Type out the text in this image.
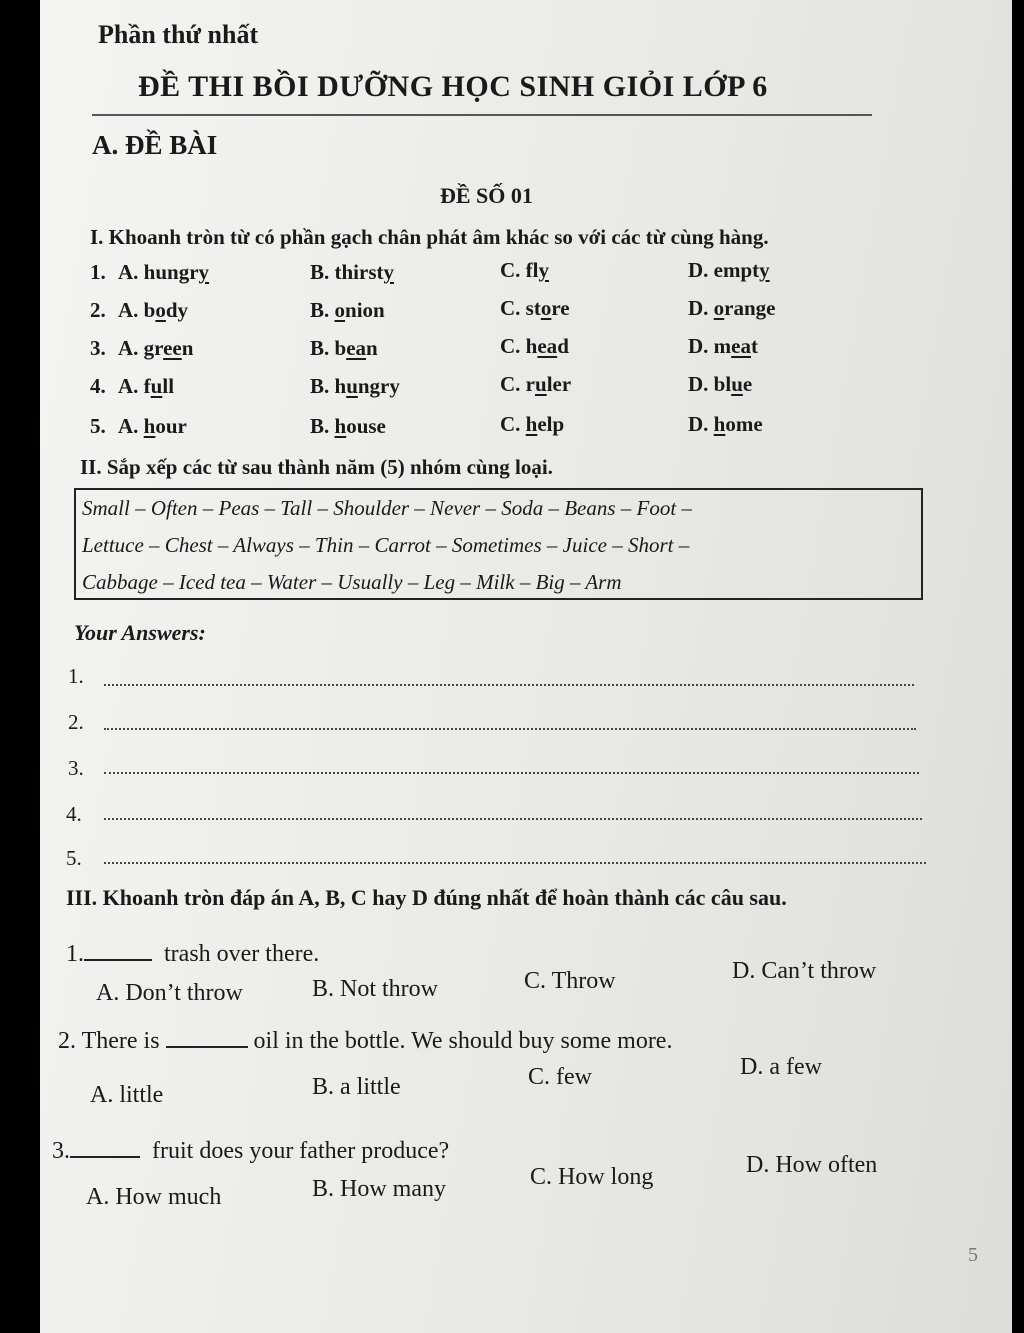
Phần thứ nhất
ĐỀ THI BỒI DƯỠNG HỌC SINH GIỎI LỚP 6
A. ĐỀ BÀI
ĐỀ SỐ 01
I. Khoanh tròn từ có phần gạch chân phát âm khác so với các từ cùng hàng.
1. A. hungry	B. thirsty	C. fly	D. empty
2. A. body	B. onion	C. store	D. orange
3. A. green	B. bean	C. head	D. meat
4. A. full	B. hungry	C. ruler	D. blue
5. A. hour	B. house	C. help	D. home
II. Sắp xếp các từ sau thành năm (5) nhóm cùng loại.
Small – Often – Peas – Tall – Shoulder – Never – Soda – Beans – Foot –
Lettuce – Chest – Always – Thin – Carrot – Sometimes – Juice – Short –
Cabbage – Iced tea – Water – Usually – Leg – Milk – Big – Arm
Your Answers:
1.
2.
3.
4.
5.
III. Khoanh tròn đáp án A, B, C hay D đúng nhất để hoàn thành các câu sau.
1.	trash over there.
A. Don’t throw	B. Not throw	C. Throw	D. Can’t throw
2. There is	oil in the bottle. We should buy some more.
A. little	B. a little	C. few	D. a few
3.	fruit does your father produce?
A. How much	B. How many	C. How long	D. How often
5
